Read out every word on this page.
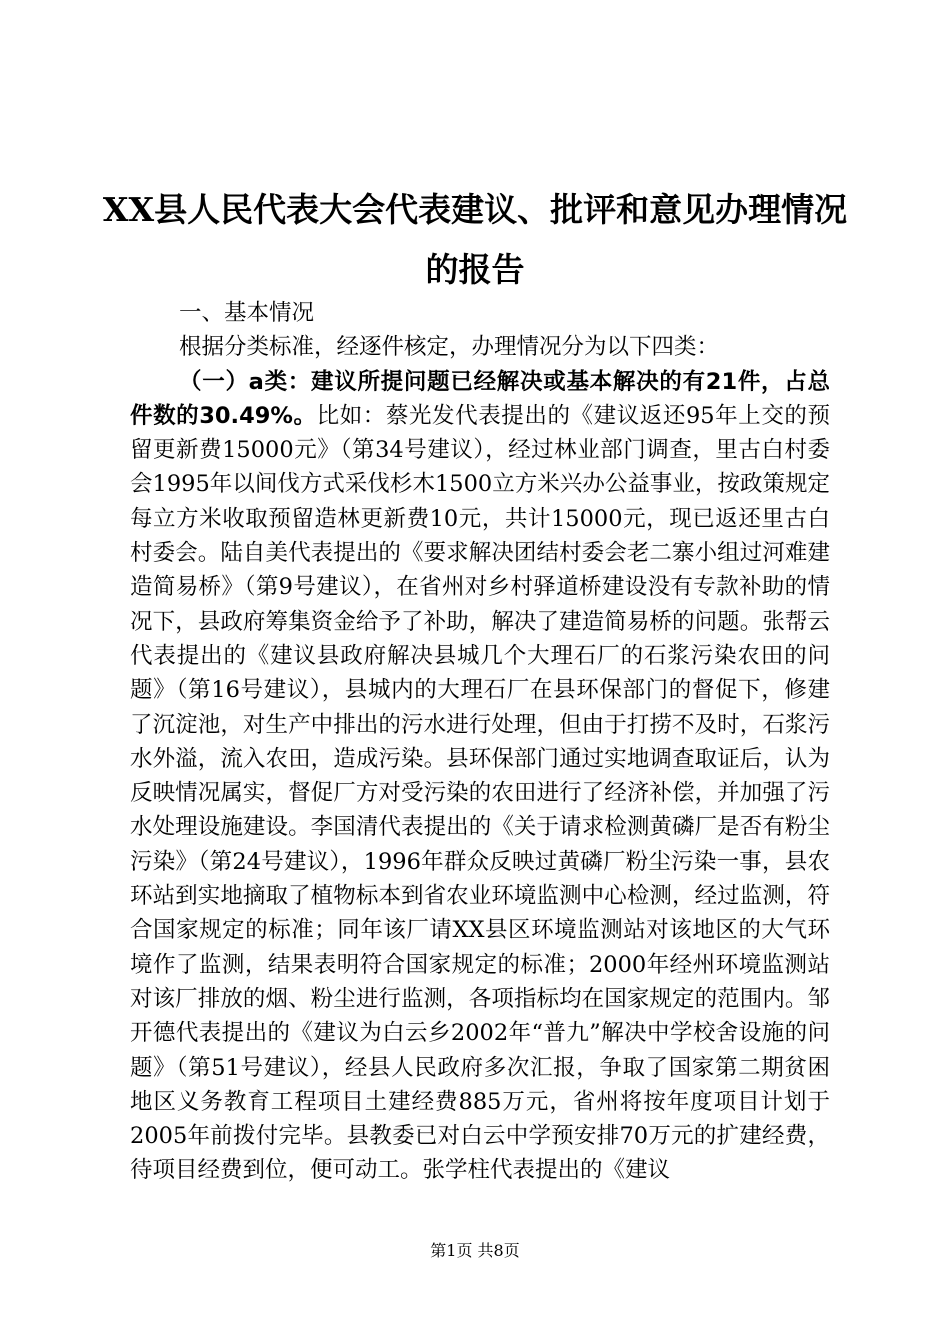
XX县人民代表大会代表建议、批评和意见办理情况的报告

一、基本情况

根据分类标准，经逐件核定，办理情况分为以下四类：

（一）a类：建议所提问题已经解决或基本解决的有21件，占总件数的30.49%。比如：蔡光发代表提出的《建议返还95年上交的预留更新费15000元》（第34号建议），经过林业部门调查，里古白村委会1995年以间伐方式采伐杉木1500立方米兴办公益事业，按政策规定每立方米收取预留造林更新费10元，共计15000元，现已返还里古白村委会。陆自美代表提出的《要求解决团结村委会老二寨小组过河难建造简易桥》（第9号建议），在省州对乡村驿道桥建设没有专款补助的情况下，县政府筹集资金给予了补助，解决了建造简易桥的问题。张帮云代表提出的《建议县政府解决县城几个大理石厂的石浆污染农田的问题》（第16号建议），县城内的大理石厂在县环保部门的督促下，修建了沉淀池，对生产中排出的污水进行处理，但由于打捞不及时，石浆污水外溢，流入农田，造成污染。县环保部门通过实地调查取证后，认为反映情况属实，督促厂方对受污染的农田进行了经济补偿，并加强了污水处理设施建设。李国清代表提出的《关于请求检测黄磷厂是否有粉尘污染》（第24号建议），1996年群众反映过黄磷厂粉尘污染一事，县农环站到实地摘取了植物标本到省农业环境监测中心检测，经过监测，符合国家规定的标准；同年该厂请XX县区环境监测站对该地区的大气环境作了监测，结果表明符合国家规定的标准；2000年经州环境监测站对该厂排放的烟、粉尘进行监测，各项指标均在国家规定的范围内。邹开德代表提出的《建议为白云乡2002年“普九”解决中学校舍设施的问题》（第51号建议），经县人民政府多次汇报，争取了国家第二期贫困地区义务教育工程项目土建经费885万元，省州将按年度项目计划于2005年前拨付完毕。县教委已对白云中学预安排70万元的扩建经费，待项目经费到位，便可动工。张学柱代表提出的《建议

第1页 共8页
